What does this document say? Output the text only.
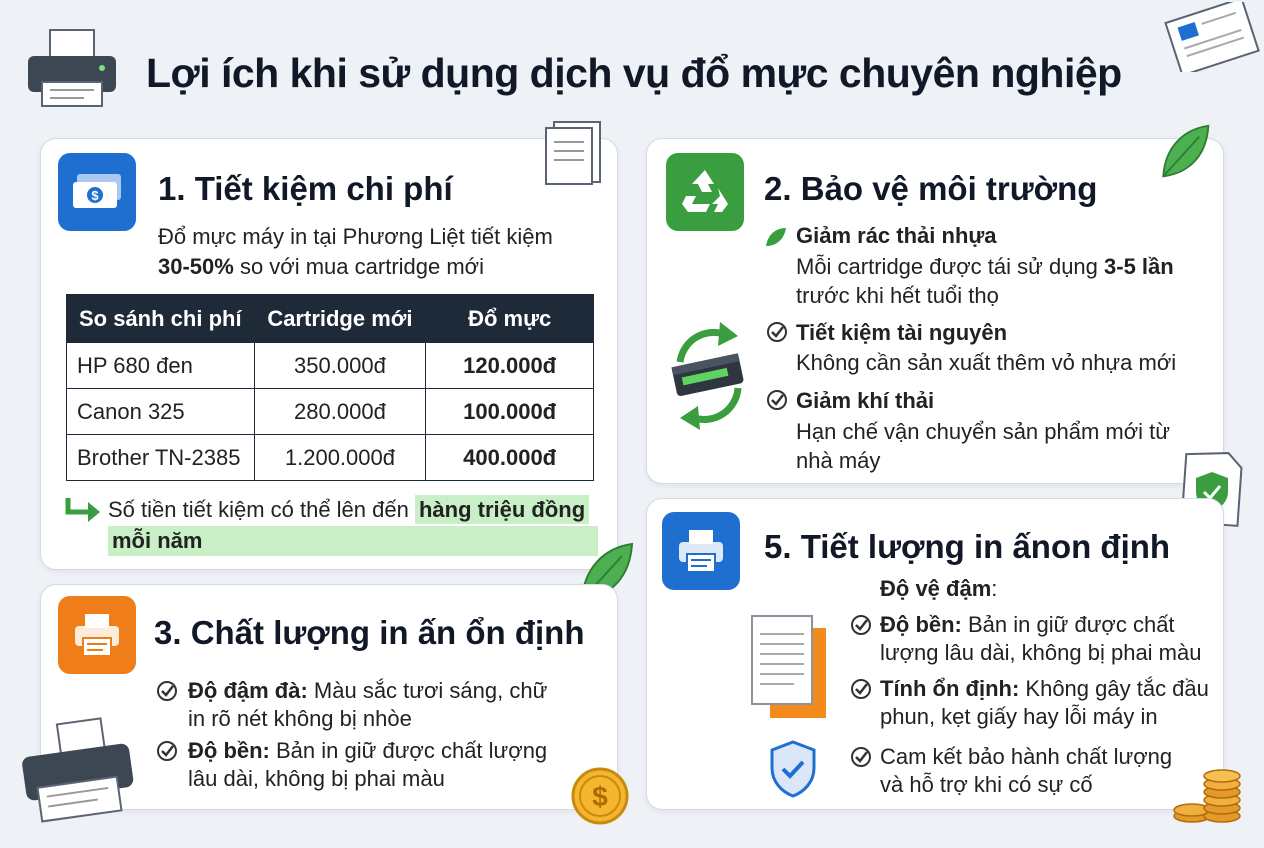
Lợi ích khi sử dụng dịch vụ đổ mực chuyên nghiệp
$ 1. Tiết kiệm chi phí
Đổ mực máy in tại Phương Liệt tiết kiệm
30-50% so với mua cartridge mới
So sánh chi phí	Cartridge mới	Đổ mực
HP 680 đen	350.000đ	120.000đ
Canon 325	280.000đ	100.000đ
Brother TN-2385	1.200.000đ	400.000đ
Số tiền tiết kiệm có thể lên đến hàng triệu đồng
mỗi năm
2. Bảo vệ môi trường
Giảm rác thải nhựa
Mỗi cartridge được tái sử dụng 3-5 lần
trước khi hết tuổi thọ
Tiết kiệm tài nguyên
Không cần sản xuất thêm vỏ nhựa mới
Giảm khí thải
Hạn chế vận chuyển sản phẩm mới từ
nhà máy
3. Chất lượng in ấn ổn định
Độ đậm đà: Màu sắc tươi sáng, chữ
in rõ nét không bị nhòe
Độ bền: Bản in giữ được chất lượng
lâu dài, không bị phai màu
$
5. Tiết lượng in ấnon định
Độ vệ đậm:
Độ bền: Bản in giữ được chất
lượng lâu dài, không bị phai màu
Tính ổn định: Không gây tắc đầu
phun, kẹt giấy hay lỗi máy in
Cam kết bảo hành chất lượng
và hỗ trợ khi có sự cố
